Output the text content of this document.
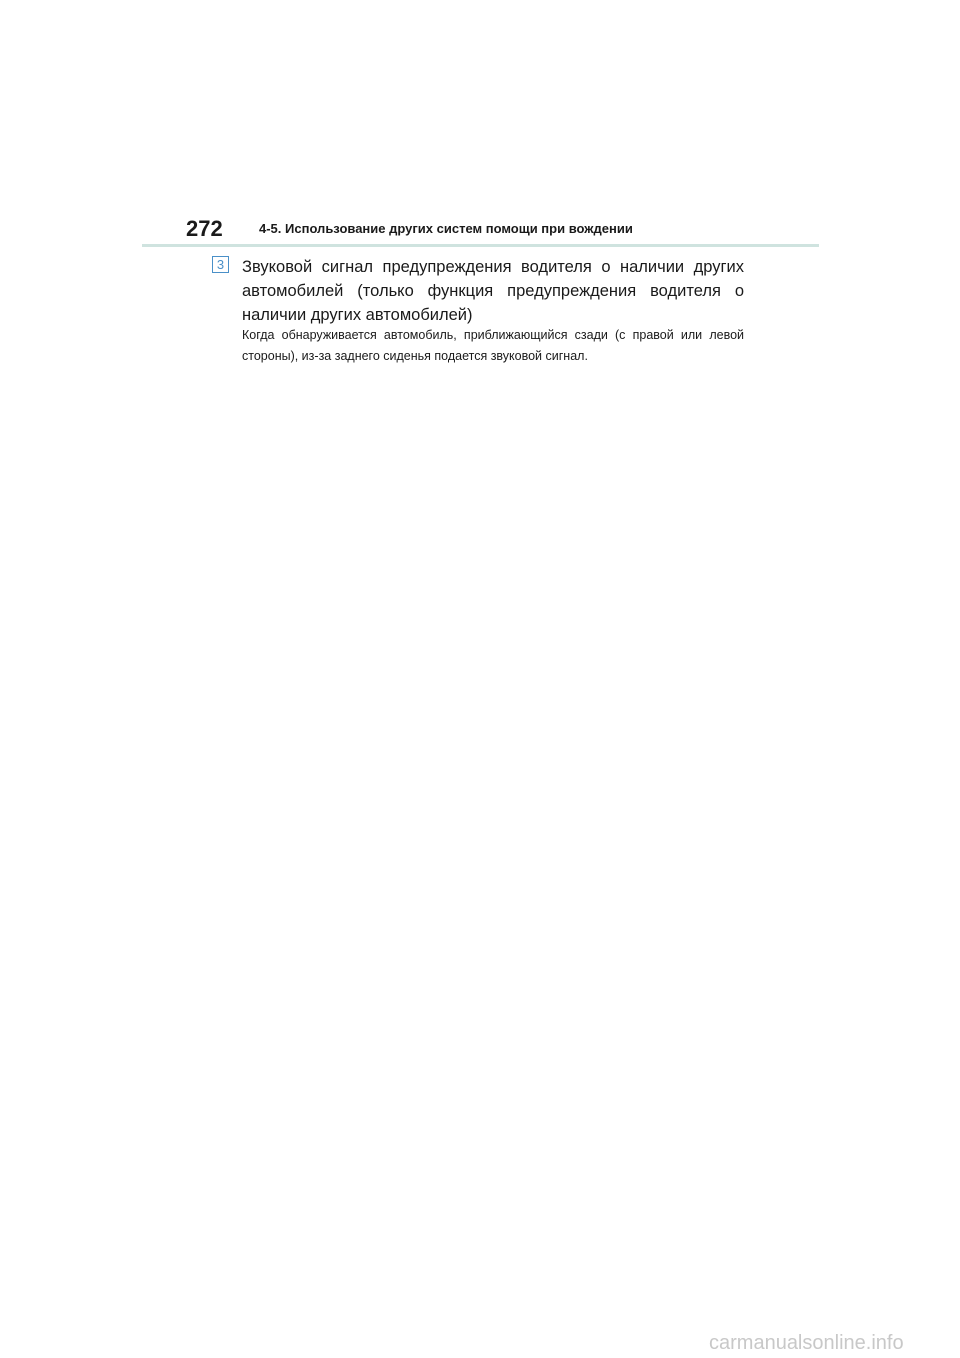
272	4-5. Использование других систем помощи при вождении
3 Звуковой сигнал предупреждения водителя о наличии других автомобилей (только функция предупреждения водителя о наличии других автомобилей)
Когда обнаруживается автомобиль, приближающийся сзади (с правой или левой стороны), из-за заднего сиденья подается звуковой сигнал.
carmanualsonline.info
